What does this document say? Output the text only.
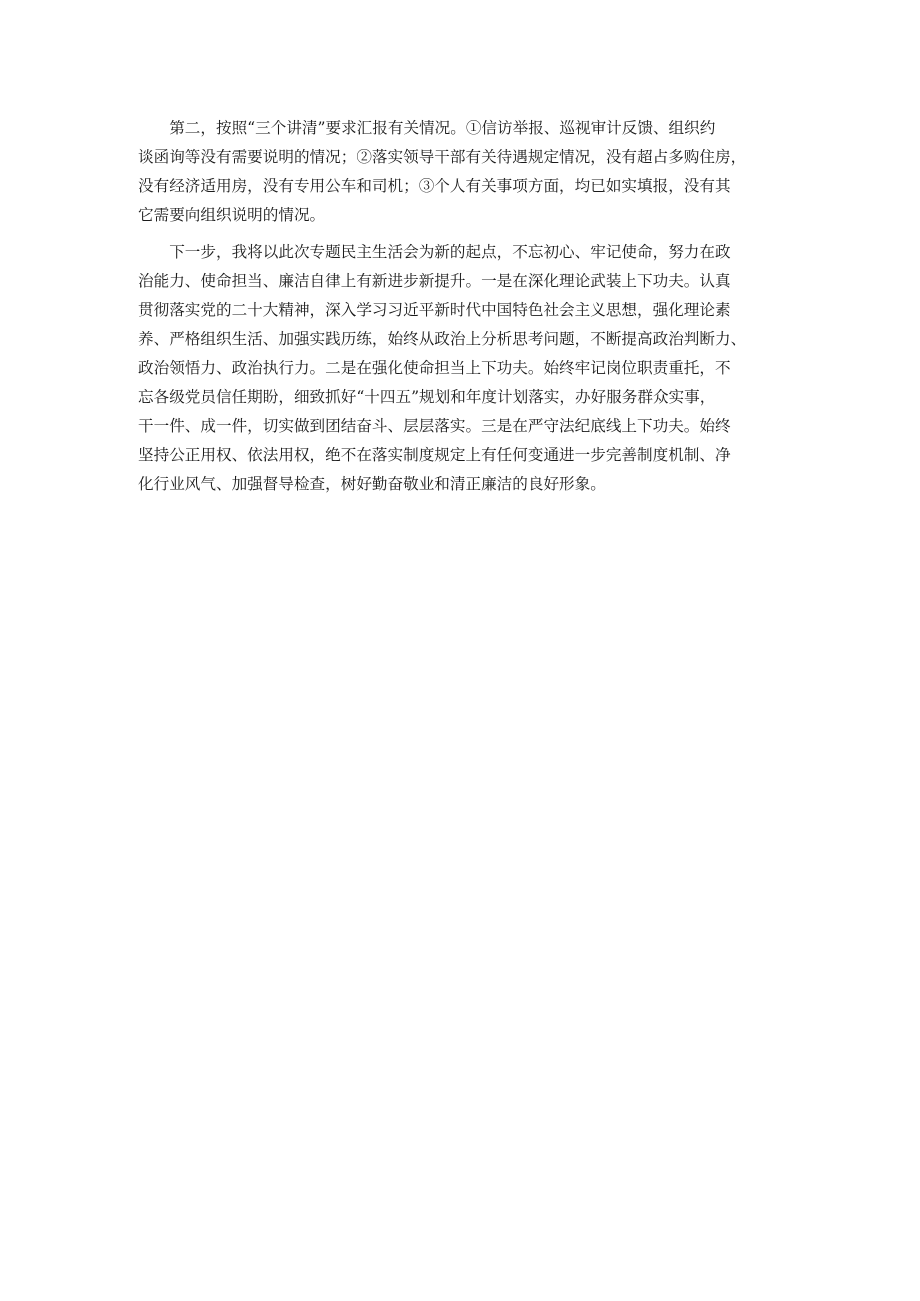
第二，按照“三个讲清”要求汇报有关情况。①信访举报、巡视审计反馈、组织约
谈函询等没有需要说明的情况；②落实领导干部有关待遇规定情况，没有超占多购住房，
没有经济适用房，没有专用公车和司机；③个人有关事项方面，均已如实填报，没有其
它需要向组织说明的情况。

下一步，我将以此次专题民主生活会为新的起点，不忘初心、牢记使命，努力在政
治能力、使命担当、廉洁自律上有新进步新提升。一是在深化理论武装上下功夫。认真
贯彻落实党的二十大精神，深入学习习近平新时代中国特色社会主义思想，强化理论素
养、严格组织生活、加强实践历练，始终从政治上分析思考问题，不断提高政治判断力、
政治领悟力、政治执行力。二是在强化使命担当上下功夫。始终牢记岗位职责重托，不
忘各级党员信任期盼，细致抓好“十四五”规划和年度计划落实，办好服务群众实事，
干一件、成一件，切实做到团结奋斗、层层落实。三是在严守法纪底线上下功夫。始终
坚持公正用权、依法用权，绝不在落实制度规定上有任何变通进一步完善制度机制、净
化行业风气、加强督导检查，树好勤奋敬业和清正廉洁的良好形象。
